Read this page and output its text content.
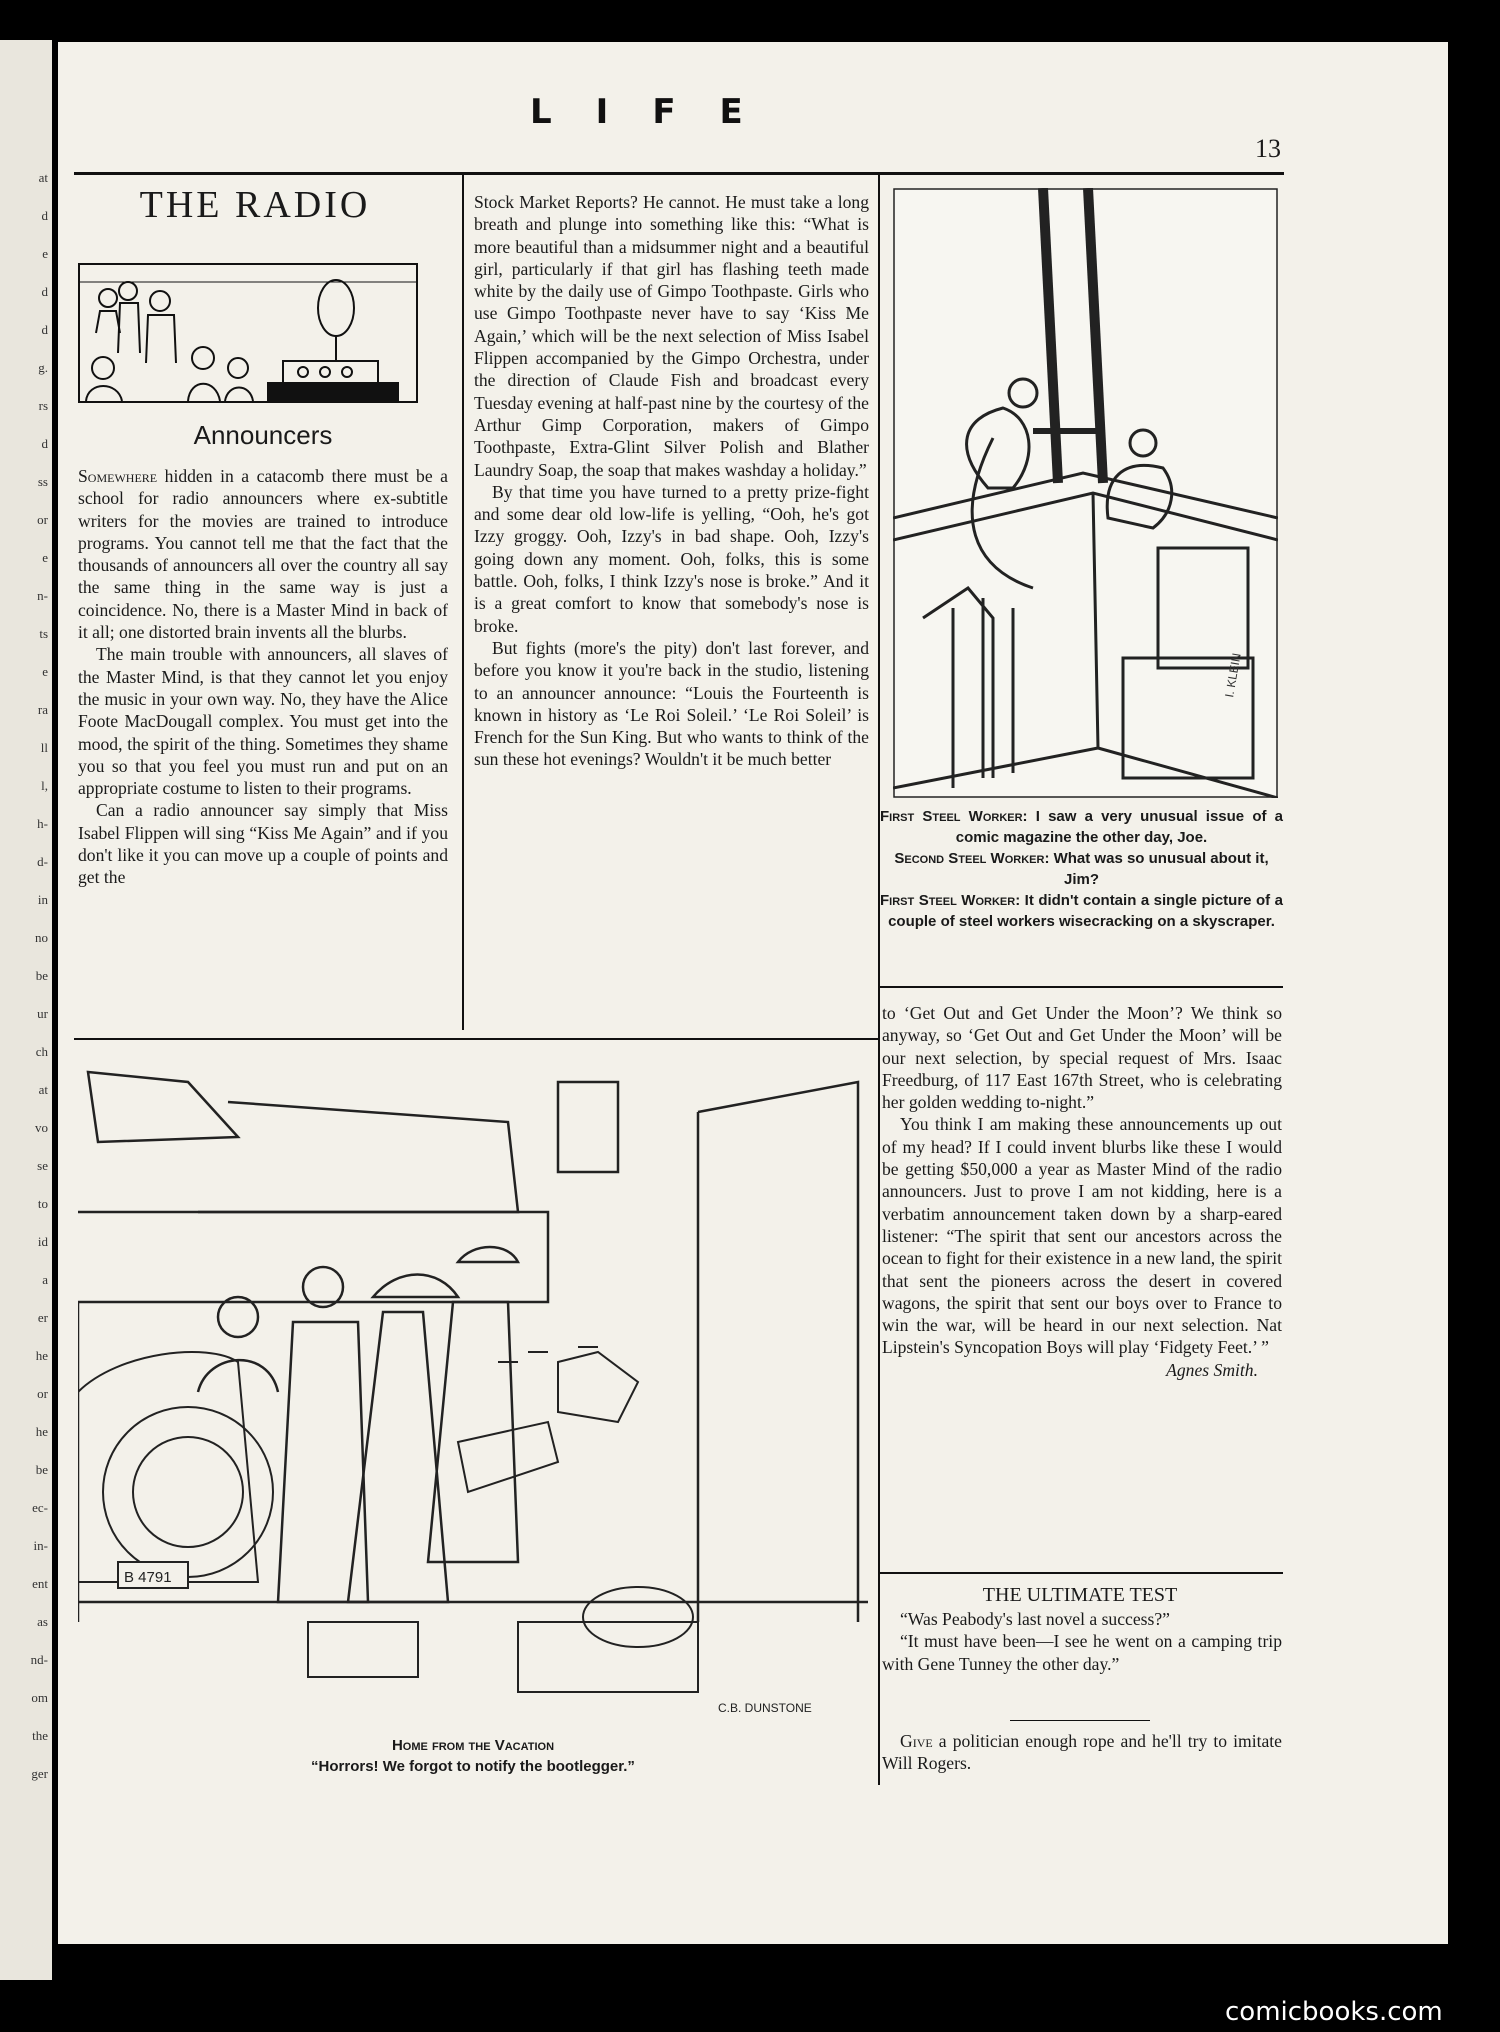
at
d
e
d
d
g.
rs
d
ss
or
e
n-
ts
e
ra
ll
l,
h-
d-
in
no
be
ur
ch
at
vo
se
to
id
a
er
he
or
he
be
ec-
in-
ent
as
nd-
om
the
ger
LIFE
13
THE RADIO
Announcers

Somewhere hidden in a catacomb there must be a school for radio announcers where ex-subtitle writers for the movies are trained to introduce programs. You cannot tell me that the fact that the thousands of announcers all over the country all say the same thing in the same way is just a coincidence. No, there is a Master Mind in back of it all; one distorted brain invents all the blurbs.

The main trouble with announcers, all slaves of the Master Mind, is that they cannot let you enjoy the music in your own way. No, they have the Alice Foote MacDougall complex. You must get into the mood, the spirit of the thing. Sometimes they shame you so that you feel you must run and put on an appropriate costume to listen to their programs.

Can a radio announcer say simply that Miss Isabel Flippen will sing “Kiss Me Again” and if you don't like it you can move up a couple of points and get the

Stock Market Reports? He cannot. He must take a long breath and plunge into something like this: “What is more beautiful than a midsummer night and a beautiful girl, particularly if that girl has flashing teeth made white by the daily use of Gimpo Toothpaste. Girls who use Gimpo Toothpaste never have to say ‘Kiss Me Again,’ which will be the next selection of Miss Isabel Flippen accompanied by the Gimpo Orchestra, under the direction of Claude Fish and broadcast every Tuesday evening at half-past nine by the courtesy of the Arthur Gimp Corporation, makers of Gimpo Toothpaste, Extra-Glint Silver Polish and Blather Laundry Soap, the soap that makes washday a holiday.”

By that time you have turned to a pretty prize-fight and some dear old low-life is yelling, “Ooh, he's got Izzy groggy. Ooh, Izzy's in bad shape. Ooh, Izzy's going down any moment. Ooh, folks, this is some battle. Ooh, folks, I think Izzy's nose is broke.” And it is a great comfort to know that somebody's nose is broke.

But fights (more's the pity) don't last forever, and before you know it you're back in the studio, listening to an announcer announce: “Louis the Fourteenth is known in history as ‘Le Roi Soleil.’ ‘Le Roi Soleil’ is French for the Sun King. But who wants to think of the sun these hot evenings? Wouldn't it be much better

I. KLEIN
First Steel Worker: I saw a very unusual issue of a comic magazine the other day, Joe.
Second Steel Worker: What was so unusual about it, Jim?
First Steel Worker: It didn't contain a single picture of a couple of steel workers wisecracking on a skyscraper.

to ‘Get Out and Get Under the Moon’? We think so anyway, so ‘Get Out and Get Under the Moon’ will be our next selection, by special request of Mrs. Isaac Freedburg, of 117 East 167th Street, who is celebrating her golden wedding to-night.”

You think I am making these announcements up out of my head? If I could invent blurbs like these I would be getting $50,000 a year as Master Mind of the radio announcers. Just to prove I am not kidding, here is a verbatim announcement taken down by a sharp-eared listener: “The spirit that sent our ancestors across the ocean to fight for their existence in a new land, the spirit that sent the pioneers across the desert in covered wagons, the spirit that sent our boys over to France to win the war, will be heard in our next selection. Nat Lipstein's Syncopation Boys will play ‘Fidgety Feet.’ ”

Agnes Smith.
B 4791
C.B. DUNSTONE
Home from the Vacation
“Horrors! We forgot to notify the bootlegger.”
THE ULTIMATE TEST

“Was Peabody's last novel a success?”

“It must have been—I see he went on a camping trip with Gene Tunney the other day.”

Give a politician enough rope and he'll try to imitate Will Rogers.

comicbooks.com
